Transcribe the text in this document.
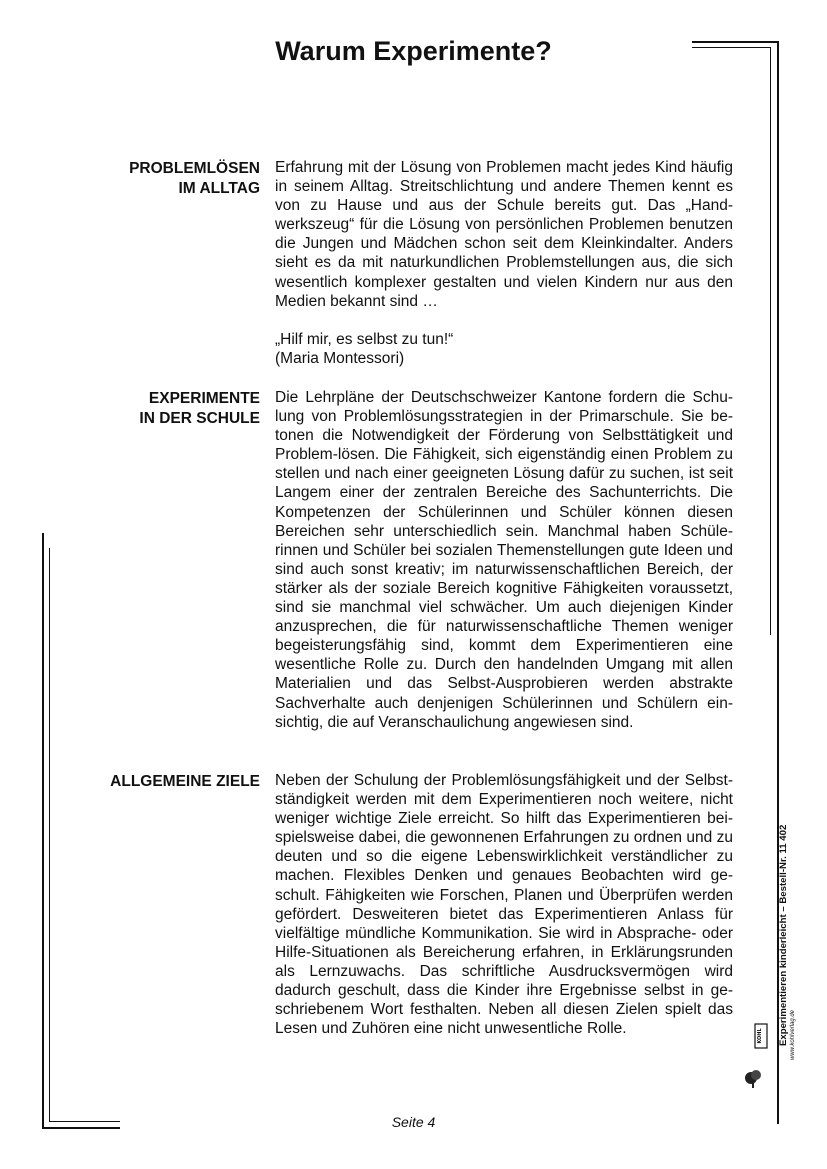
Warum Experimente?
PROBLEMLÖSEN
IM ALLTAG

Erfahrung mit der Lösung von Problemen macht jedes Kind häufig in seinem Alltag. Streitschlichtung und andere Themen kennt es von zu Hause und aus der Schule bereits gut. Das „Handwerkszeug“ für die Lösung von persönlichen Problemen benutzen die Jungen und Mädchen schon seit dem Kleinkindalter. Anders sieht es da mit naturkundlichen Problemstellungen aus, die sich wesentlich komplexer gestalten und vielen Kindern nur aus den Medien bekannt sind …

„Hilf mir, es selbst zu tun!“

(Maria Montessori)

EXPERIMENTE
IN DER SCHULE

Die Lehrpläne der Deutschschweizer Kantone fordern die Schulung von Problemlösungsstrategien in der Primarschule. Sie betonen die Notwendigkeit der Förderung von Selbsttätigkeit und Problem-lösen. Die Fähigkeit, sich eigenständig einen Problem zu stellen und nach einer geeigneten Lösung dafür zu suchen, ist seit Langem einer der zentralen Bereiche des Sachunterrichts. Die Kompetenzen der Schülerinnen und Schüler können diesen Bereichen sehr unterschiedlich sein. Manchmal haben Schülerinnen und Schüler bei sozialen Themenstellungen gute Ideen und sind auch sonst kreativ; im naturwissenschaftlichen Bereich, der stärker als der soziale Bereich kognitive Fähigkeiten voraussetzt, sind sie manchmal viel schwächer. Um auch diejenigen Kinder anzusprechen, die für naturwissenschaftliche Themen weniger begeisterungsfähig sind, kommt dem Experimentieren eine wesentliche Rolle zu. Durch den handelnden Umgang mit allen Materialien und das Selbst-Ausprobieren werden abstrakte Sachverhalte auch denjenigen Schülerinnen und Schülern einsichtig, die auf Veranschaulichung angewiesen sind.

ALLGEMEINE ZIELE Neben der Schulung der Problemlösungsfähigkeit und der Selbstständigkeit werden mit dem Experimentieren noch weitere, nicht weniger wichtige Ziele erreicht. So hilft das Experimentieren beispielsweise dabei, die gewonnenen Erfahrungen zu ordnen und zu deuten und so die eigene Lebenswirklichkeit verständlicher zu machen. Flexibles Denken und genaues Beobachten wird geschult. Fähigkeiten wie Forschen, Planen und Überprüfen werden gefördert. Desweiteren bietet das Experimentieren Anlass für vielfältige mündliche Kommunikation. Sie wird in Absprache- oder Hilfe-Situationen als Bereicherung erfahren, in Erklärungsrunden als Lernzuwachs. Das schriftliche Ausdrucksvermögen wird dadurch geschult, dass die Kinder ihre Ergebnisse selbst in geschriebenem Wort festhalten. Neben all diesen Zielen spielt das Lesen und Zuhören eine nicht unwesentliche Rolle.	Experimentieren kinderleicht – Bestell-Nr. 11 402 www.kohlverlag.de
KOHL
Seite 4
